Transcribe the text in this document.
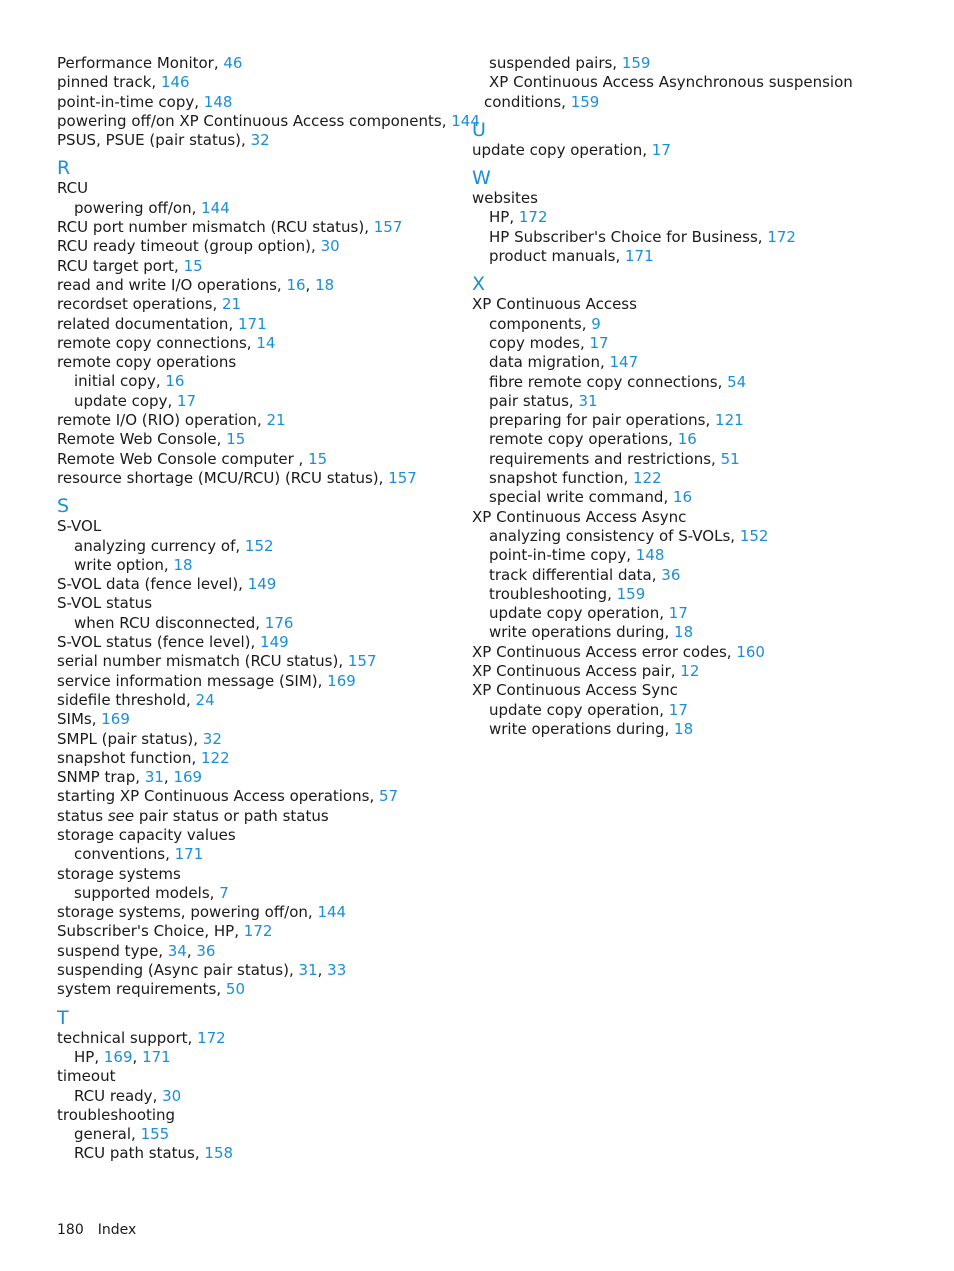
Performance Monitor, 46
pinned track, 146
point-in-time copy, 148
powering off/on XP Continuous Access components, 144
PSUS, PSUE (pair status), 32
R
RCU
powering off/on, 144
RCU port number mismatch (RCU status), 157
RCU ready timeout (group option), 30
RCU target port, 15
read and write I/O operations, 16, 18
recordset operations, 21
related documentation, 171
remote copy connections, 14
remote copy operations
initial copy, 16
update copy, 17
remote I/O (RIO) operation, 21
Remote Web Console, 15
Remote Web Console computer , 15
resource shortage (MCU/RCU) (RCU status), 157
S
S-VOL
analyzing currency of, 152
write option, 18
S-VOL data (fence level), 149
S-VOL status
when RCU disconnected, 176
S-VOL status (fence level), 149
serial number mismatch (RCU status), 157
service information message (SIM), 169
sidefile threshold, 24
SIMs, 169
SMPL (pair status), 32
snapshot function, 122
SNMP trap, 31, 169
starting XP Continuous Access operations, 57
status see pair status or path status
storage capacity values
conventions, 171
storage systems
supported models, 7
storage systems, powering off/on, 144
Subscriber's Choice, HP, 172
suspend type, 34, 36
suspending (Async pair status), 31, 33
system requirements, 50
T
technical support, 172
HP, 169, 171
timeout
RCU ready, 30
troubleshooting
general, 155
RCU path status, 158
suspended pairs, 159
XP Continuous Access Asynchronous suspension
conditions, 159
U
update copy operation, 17
W
websites
HP, 172
HP Subscriber's Choice for Business, 172
product manuals, 171
X
XP Continuous Access
components, 9
copy modes, 17
data migration, 147
fibre remote copy connections, 54
pair status, 31
preparing for pair operations, 121
remote copy operations, 16
requirements and restrictions, 51
snapshot function, 122
special write command, 16
XP Continuous Access Async
analyzing consistency of S-VOLs, 152
point-in-time copy, 148
track differential data, 36
troubleshooting, 159
update copy operation, 17
write operations during, 18
XP Continuous Access error codes, 160
XP Continuous Access pair, 12
XP Continuous Access Sync
update copy operation, 17
write operations during, 18
180 Index
